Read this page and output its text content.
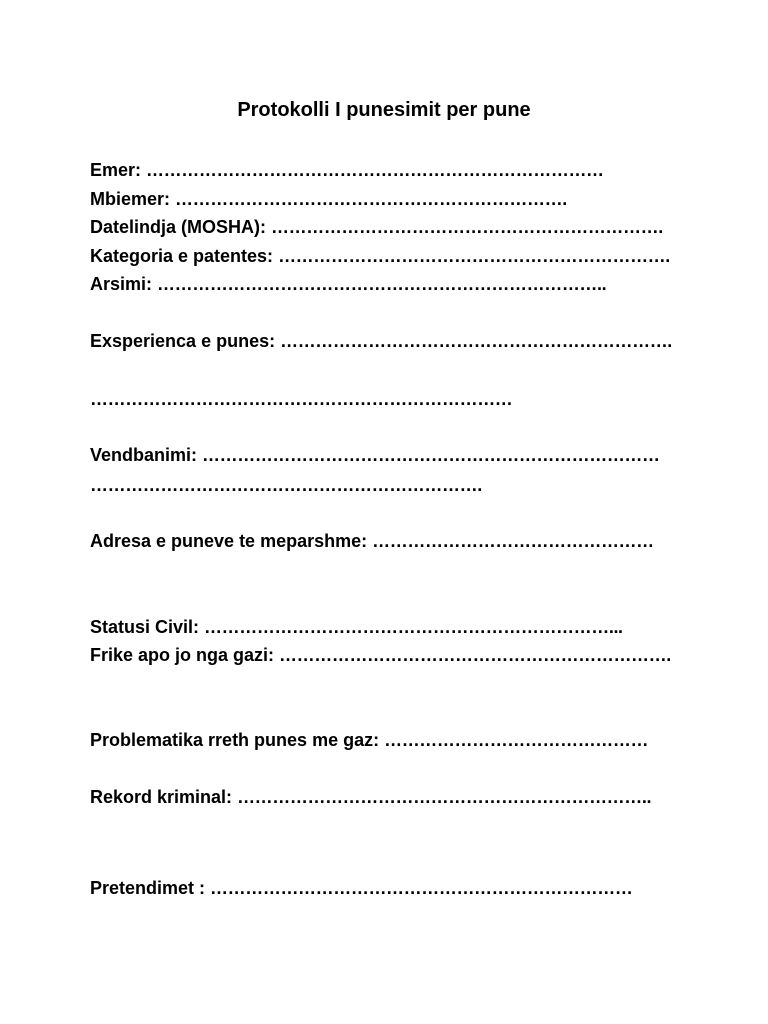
Protokolli I punesimit per pune
Emer: ……………………………………………………………………
Mbiemer: ………………………………………………………….
Datelindja (MOSHA): ………………………………………………………….
Kategoria e patentes: ………………………………………………………….
Arsimi: …………………………………………………………………..
Exsperienca e punes: ………………………………………………………….
………………………………………………………………
Vendbanimi: ……………………………………………………………………
………………………………………………………….
Adresa e puneve te meparshme: …………………………………………
Statusi Civil: ……………………………………………………………...
Frike apo jo nga gazi: ………………………………………………………….
Problematika rreth punes me gaz: ………………………………………
Rekord kriminal: ……………………………………………………………..
Pretendimet : ………………………………………………………………
